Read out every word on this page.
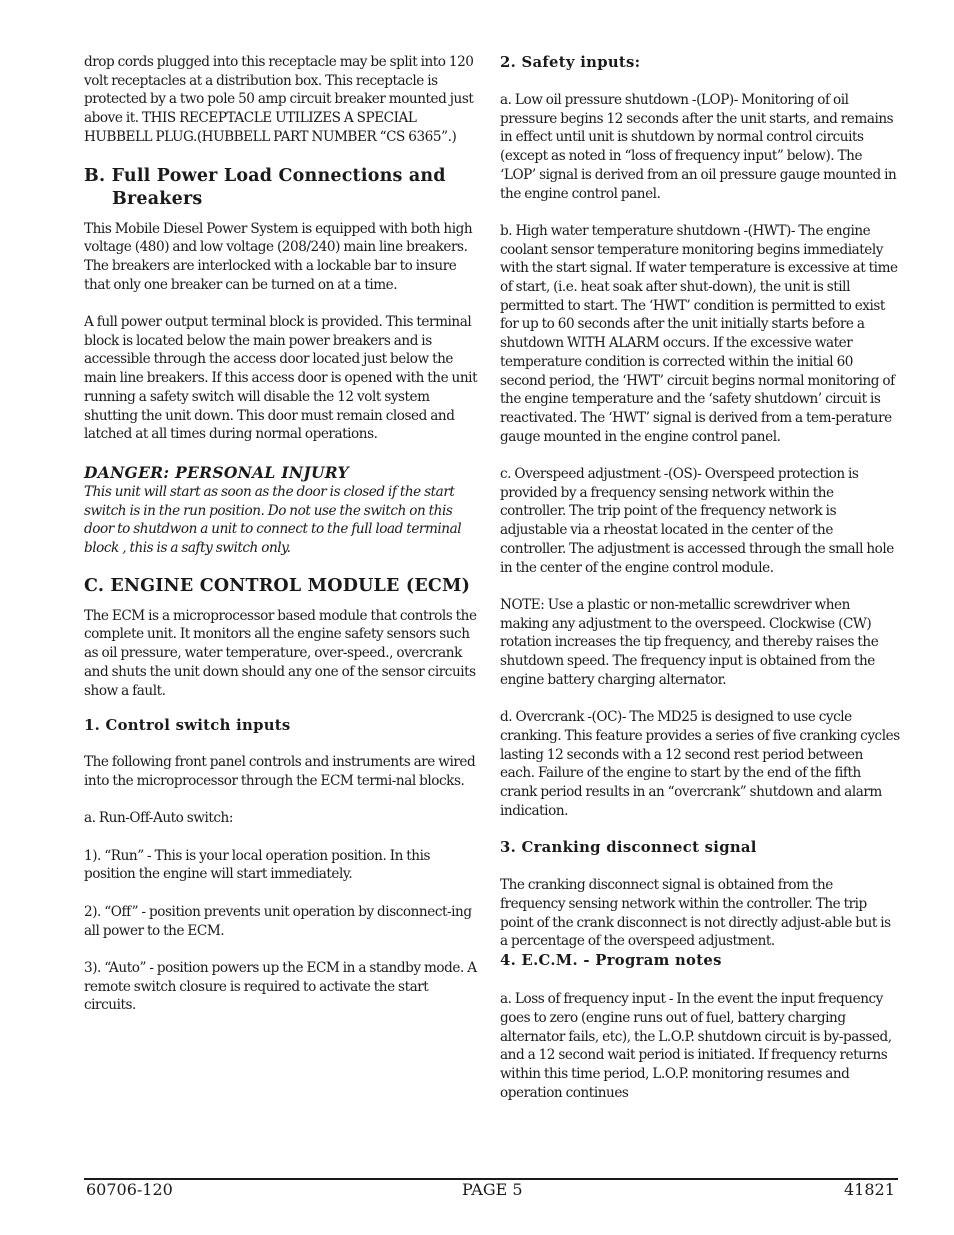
drop cords plugged into this receptacle may be split into 120 volt receptacles at a distribution box. This receptacle is protected by a two pole 50 amp circuit breaker mounted just above it. THIS RECEPTACLE UTILIZES A SPECIAL HUBBELL PLUG.(HUBBELL PART NUMBER “CS 6365”.)

B. Full Power Load Connections and Breakers

This Mobile Diesel Power System is equipped with both high voltage (480) and low voltage (208/240) main line breakers. The breakers are interlocked with a lockable bar to insure that only one breaker can be turned on at a time.

A full power output terminal block is provided. This terminal block is located below the main power breakers and is accessible through the access door located just below the main line breakers. If this access door is opened with the unit running a safety switch will disable the 12 volt system shutting the unit down. This door must remain closed and latched at all times during normal operations.

DANGER: PERSONAL INJURY

This unit will start as soon as the door is closed if the start switch is in the run position. Do not use the switch on this door to shutdwon a unit to connect to the full load terminal block , this is a safty switch only.

C. ENGINE CONTROL MODULE (ECM)

The ECM is a microprocessor based module that controls the complete unit. It monitors all the engine safety sensors such as oil pressure, water temperature, over-speed., overcrank and shuts the unit down should any one of the sensor circuits show a fault.

1. Control switch inputs

The following front panel controls and instruments are wired into the microprocessor through the ECM termi-nal blocks.

a. Run-Off-Auto switch:

1). “Run” - This is your local operation position. In this position the engine will start immediately.

2). “Off” - position prevents unit operation by disconnect-ing all power to the ECM.

3). “Auto” - position powers up the ECM in a standby mode. A remote switch closure is required to activate the start circuits.

2. Safety inputs:

a. Low oil pressure shutdown -(LOP)- Monitoring of oil pressure begins 12 seconds after the unit starts, and remains in effect until unit is shutdown by normal control circuits (except as noted in “loss of frequency input” below). The ‘LOP’ signal is derived from an oil pressure gauge mounted in the engine control panel.

b. High water temperature shutdown -(HWT)- The engine coolant sensor temperature monitoring begins immediately with the start signal. If water temperature is excessive at time of start, (i.e. heat soak after shut-down), the unit is still permitted to start. The ‘HWT’ condition is permitted to exist for up to 60 seconds after the unit initially starts before a shutdown WITH ALARM occurs. If the excessive water temperature condition is corrected within the initial 60 second period, the ‘HWT’ circuit begins normal monitoring of the engine temperature and the ‘safety shutdown’ circuit is reactivated. The ‘HWT’ signal is derived from a tem-perature gauge mounted in the engine control panel.

c. Overspeed adjustment -(OS)- Overspeed protection is provided by a frequency sensing network within the controller. The trip point of the frequency network is adjustable via a rheostat located in the center of the controller. The adjustment is accessed through the small hole in the center of the engine control module.

NOTE: Use a plastic or non-metallic screwdriver when making any adjustment to the overspeed. Clockwise (CW) rotation increases the tip frequency, and thereby raises the shutdown speed. The frequency input is obtained from the engine battery charging alternator.

d. Overcrank -(OC)- The MD25 is designed to use cycle cranking. This feature provides a series of five cranking cycles lasting 12 seconds with a 12 second rest period between each. Failure of the engine to start by the end of the fifth crank period results in an “overcrank” shutdown and alarm indication.

3. Cranking disconnect signal

The cranking disconnect signal is obtained from the frequency sensing network within the controller. The trip point of the crank disconnect is not directly adjust-able but is a percentage of the overspeed adjustment.

4. E.C.M. - Program notes

a. Loss of frequency input - In the event the input frequency goes to zero (engine runs out of fuel, battery charging alternator fails, etc), the L.O.P. shutdown circuit is by-passed, and a 12 second wait period is initiated. If frequency returns within this time period, L.O.P. monitoring resumes and operation continues

60706-120	PAGE 5	41821
